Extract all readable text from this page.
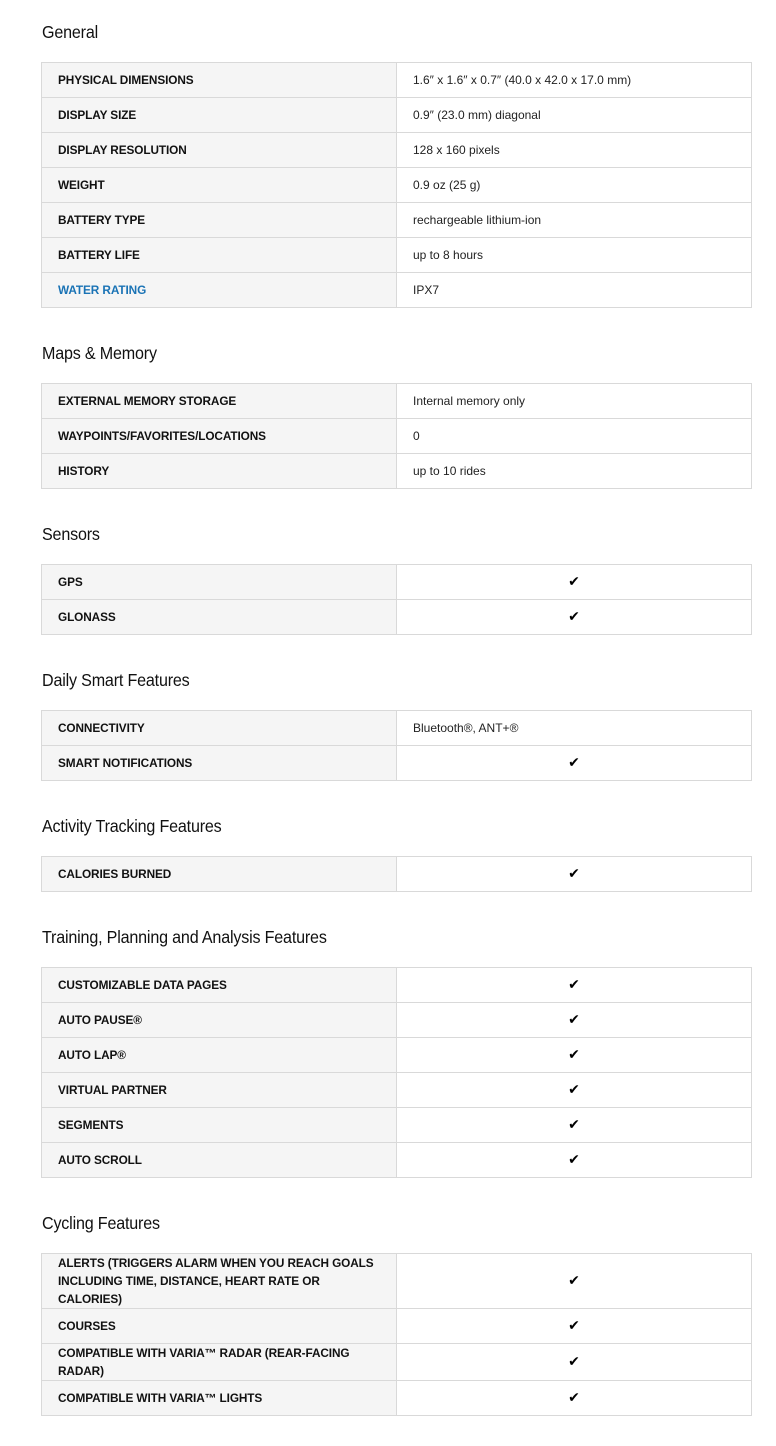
General
PHYSICAL DIMENSIONS	1.6″ x 1.6″ x 0.7″ (40.0 x 42.0 x 17.0 mm)
DISPLAY SIZE	0.9″ (23.0 mm) diagonal
DISPLAY RESOLUTION	128 x 160 pixels
WEIGHT	0.9 oz (25 g)
BATTERY TYPE	rechargeable lithium-ion
BATTERY LIFE	up to 8 hours
WATER RATING	IPX7
Maps & Memory
EXTERNAL MEMORY STORAGE	Internal memory only
WAYPOINTS/FAVORITES/LOCATIONS	0
HISTORY	up to 10 rides
Sensors
GPS	✔
GLONASS	✔
Daily Smart Features
CONNECTIVITY	Bluetooth®, ANT+®
SMART NOTIFICATIONS	✔
Activity Tracking Features
CALORIES BURNED	✔
Training, Planning and Analysis Features
CUSTOMIZABLE DATA PAGES	✔
AUTO PAUSE®	✔
AUTO LAP®	✔
VIRTUAL PARTNER	✔
SEGMENTS	✔
AUTO SCROLL	✔
Cycling Features
ALERTS (TRIGGERS ALARM WHEN YOU REACH GOALS INCLUDING TIME, DISTANCE, HEART RATE OR CALORIES)	✔
COURSES	✔
COMPATIBLE WITH VARIA™ RADAR (REAR-FACING RADAR)	✔
COMPATIBLE WITH VARIA™ LIGHTS	✔
